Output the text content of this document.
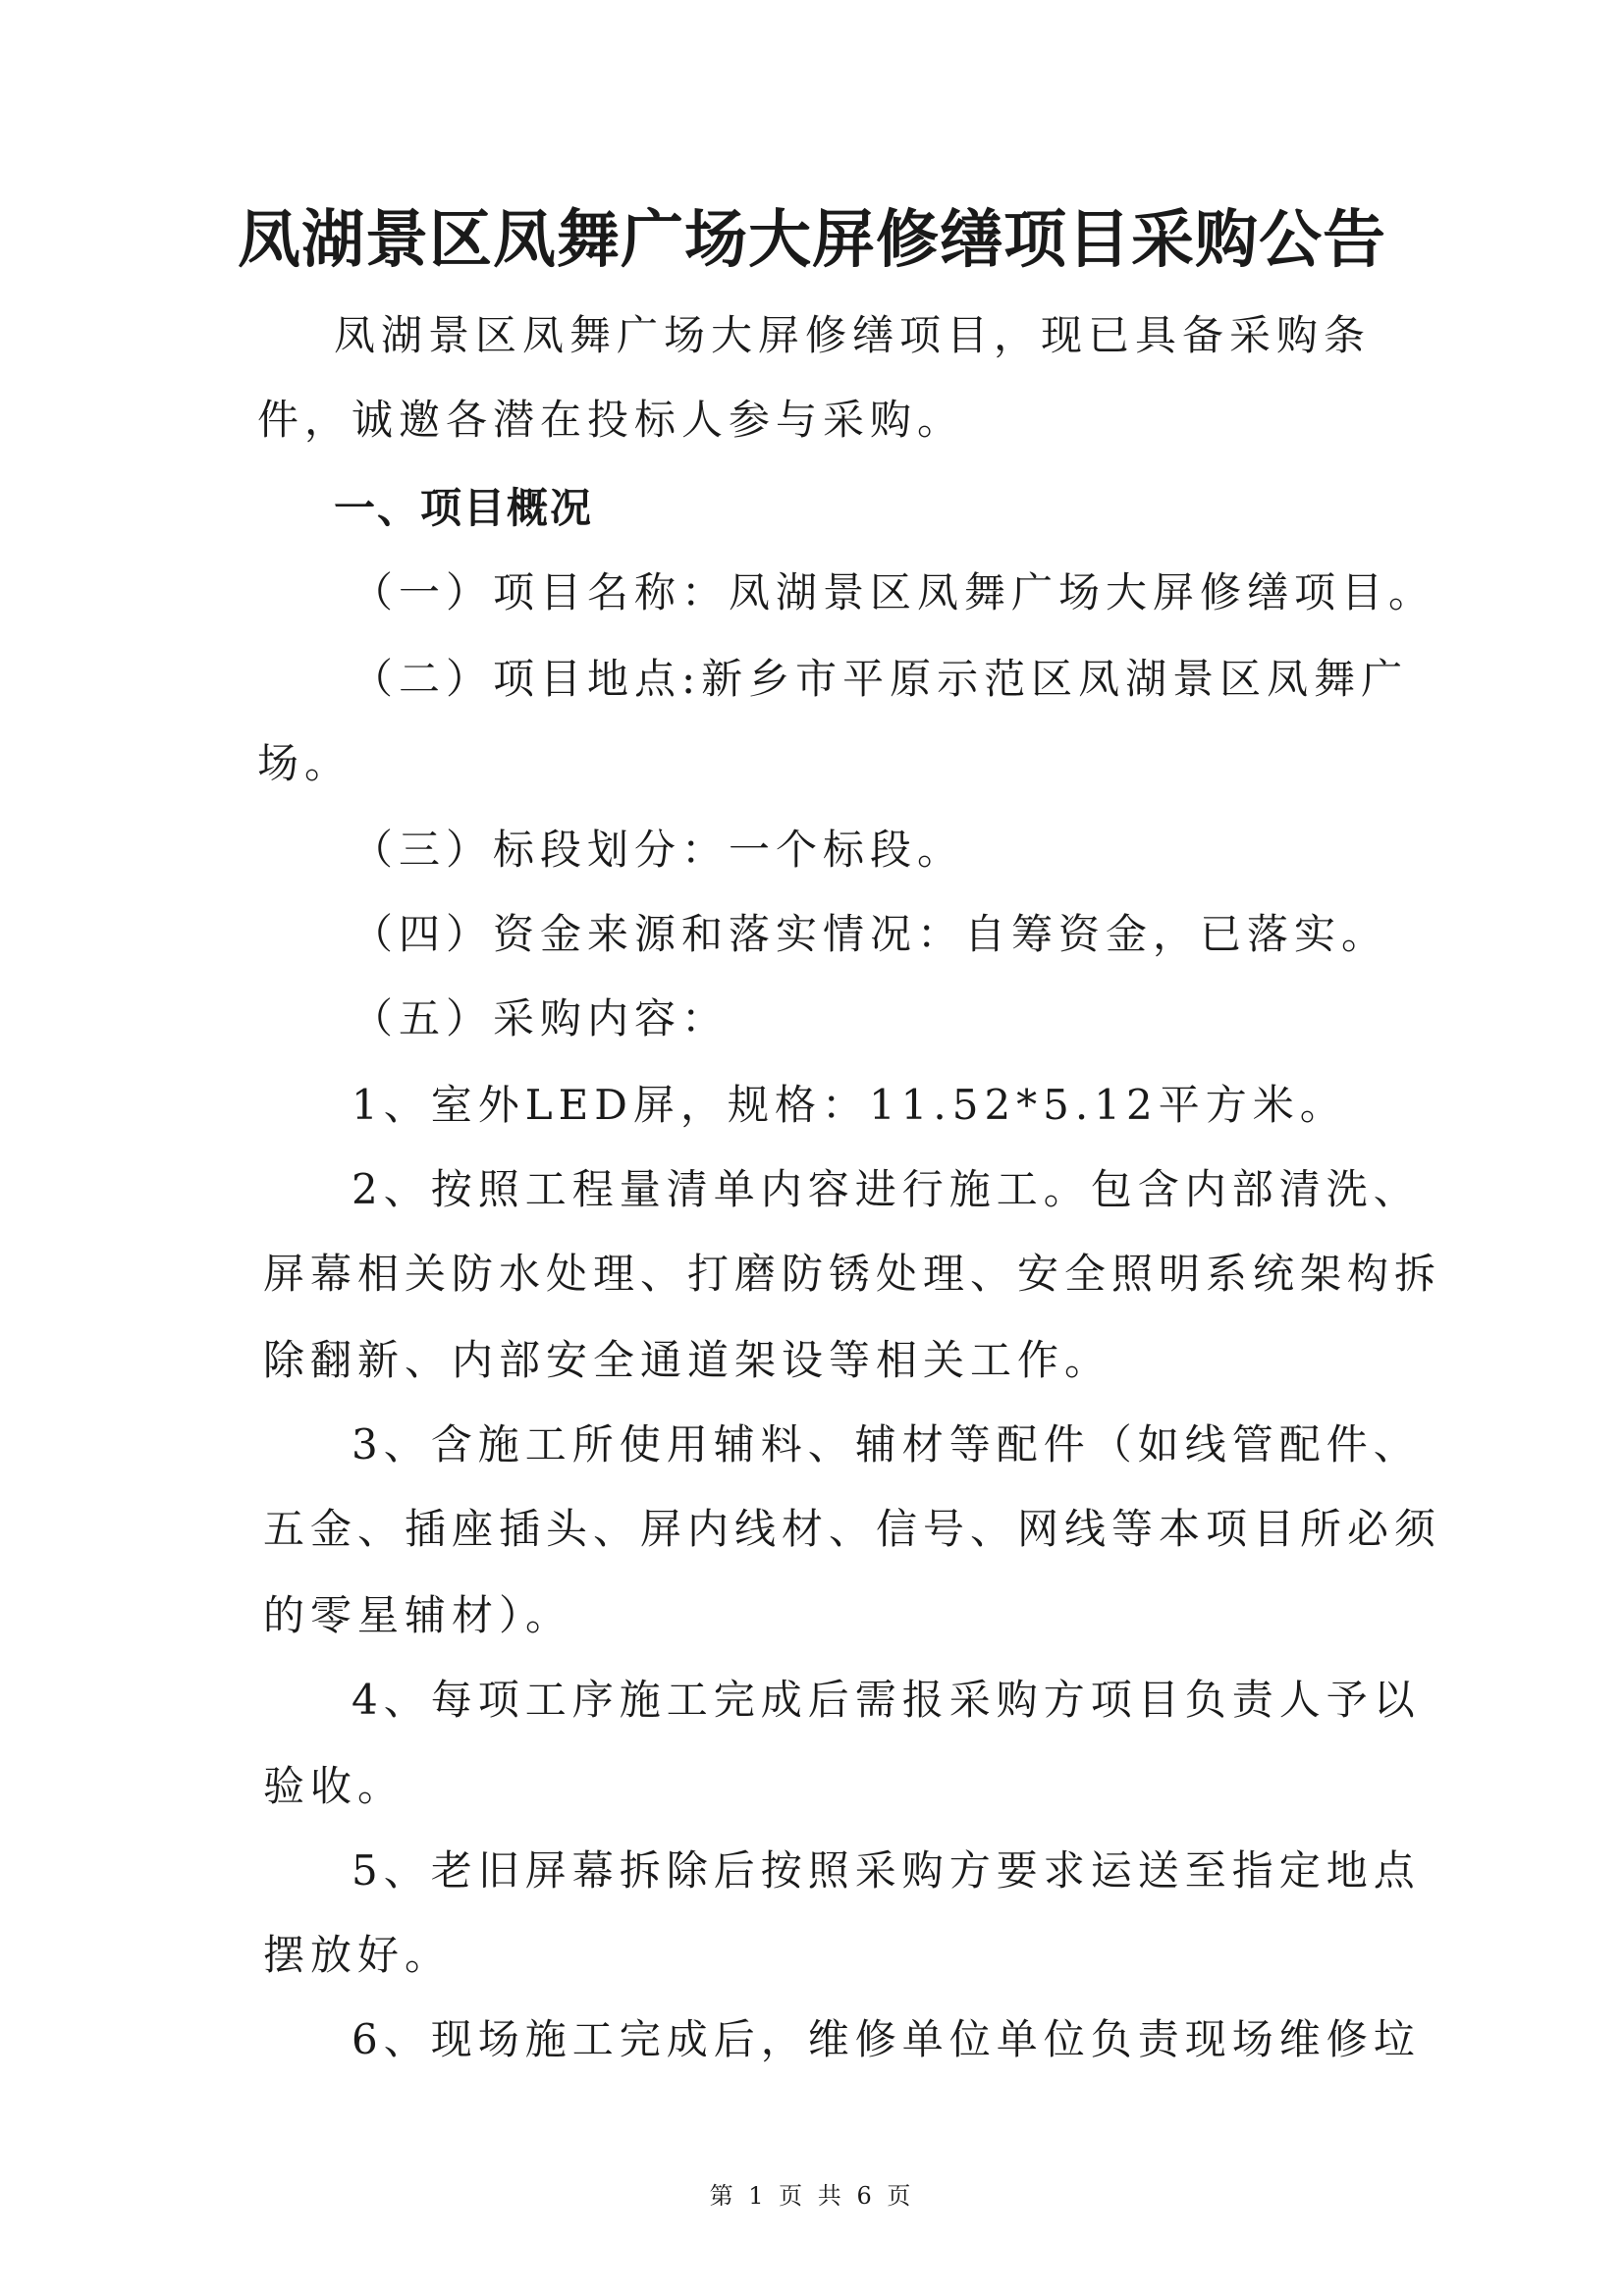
凤湖景区凤舞广场大屏修缮项目采购公告
凤湖景区凤舞广场大屏修缮项目，现已具备采购条
件，诚邀各潜在投标人参与采购。
一、项目概况
（一）项目名称：凤湖景区凤舞广场大屏修缮项目。
（二）项目地点:新乡市平原示范区凤湖景区凤舞广
场。
（三）标段划分：一个标段。
（四）资金来源和落实情况：自筹资金，已落实。
（五）采购内容：
1、室外LED屏，规格：11.52*5.12平方米。
2、按照工程量清单内容进行施工。包含内部清洗、
屏幕相关防水处理、打磨防锈处理、安全照明系统架构拆
除翻新、内部安全通道架设等相关工作。
3、含施工所使用辅料、辅材等配件（如线管配件、
五金、插座插头、屏内线材、信号、网线等本项目所必须
的零星辅材）。
4、每项工序施工完成后需报采购方项目负责人予以
验收。
5、老旧屏幕拆除后按照采购方要求运送至指定地点
摆放好。
6、现场施工完成后，维修单位单位负责现场维修垃
第 1 页 共 6 页
